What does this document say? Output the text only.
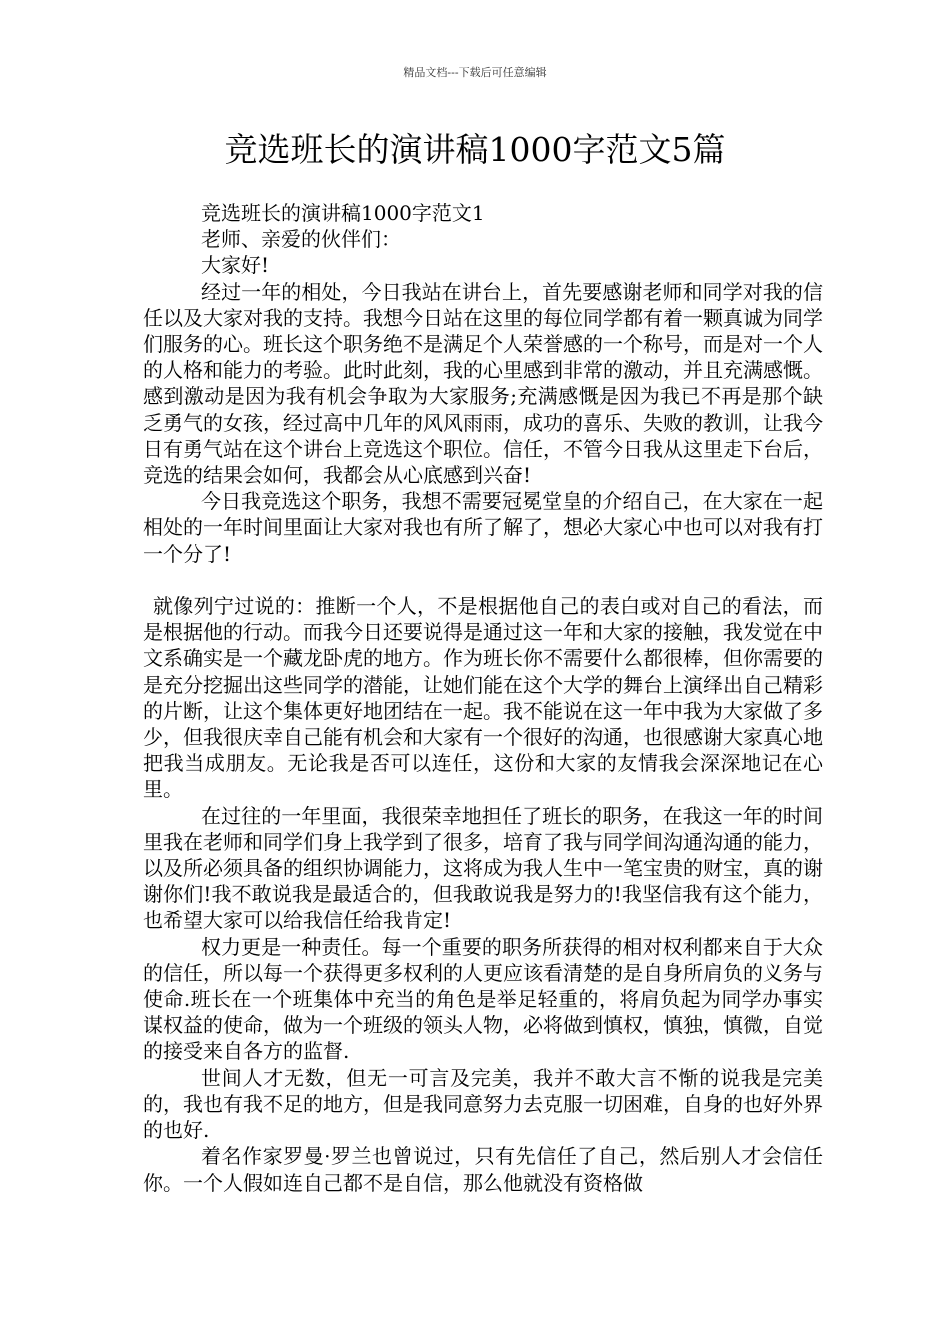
精品文档---下载后可任意编辑
竞选班长的演讲稿1000字范文5篇

竞选班长的演讲稿1000字范文1

老师、亲爱的伙伴们：

大家好!

经过一年的相处，今日我站在讲台上，首先要感谢老师和同学对我的信任以及大家对我的支持。我想今日站在这里的每位同学都有着一颗真诚为同学们服务的心。班长这个职务绝不是满足个人荣誉感的一个称号，而是对一个人的人格和能力的考验。此时此刻，我的心里感到非常的激动，并且充满感慨。感到激动是因为我有机会争取为大家服务;充满感慨是因为我已不再是那个缺乏勇气的女孩，经过高中几年的风风雨雨，成功的喜乐、失败的教训，让我今日有勇气站在这个讲台上竞选这个职位。信任，不管今日我从这里走下台后，竞选的结果会如何，我都会从心底感到兴奋!

今日我竞选这个职务，我想不需要冠冕堂皇的介绍自己，在大家在一起相处的一年时间里面让大家对我也有所了解了，想必大家心中也可以对我有打一个分了!

就像列宁过说的：推断一个人，不是根据他自己的表白或对自己的看法，而是根据他的行动。而我今日还要说得是通过这一年和大家的接触，我发觉在中文系确实是一个藏龙卧虎的地方。作为班长你不需要什么都很棒，但你需要的是充分挖掘出这些同学的潜能，让她们能在这个大学的舞台上演绎出自己精彩的片断，让这个集体更好地团结在一起。我不能说在这一年中我为大家做了多少，但我很庆幸自己能有机会和大家有一个很好的沟通，也很感谢大家真心地把我当成朋友。无论我是否可以连任，这份和大家的友情我会深深地记在心里。

在过往的一年里面，我很荣幸地担任了班长的职务，在我这一年的时间里我在老师和同学们身上我学到了很多，培育了我与同学间沟通沟通的能力，以及所必须具备的组织协调能力，这将成为我人生中一笔宝贵的财宝，真的谢谢你们!我不敢说我是最适合的，但我敢说我是努力的!我坚信我有这个能力，也希望大家可以给我信任给我肯定!

权力更是一种责任。每一个重要的职务所获得的相对权利都来自于大众的信任，所以每一个获得更多权利的人更应该看清楚的是自身所肩负的义务与使命.班长在一个班集体中充当的角色是举足轻重的，将肩负起为同学办事实谋权益的使命，做为一个班级的领头人物，必将做到慎权，慎独，慎微，自觉的接受来自各方的监督.

世间人才无数，但无一可言及完美，我并不敢大言不惭的说我是完美的，我也有我不足的地方，但是我同意努力去克服一切困难，自身的也好外界的也好.

着名作家罗曼·罗兰也曾说过，只有先信任了自己，然后别人才会信任你。一个人假如连自己都不是自信，那么他就没有资格做
